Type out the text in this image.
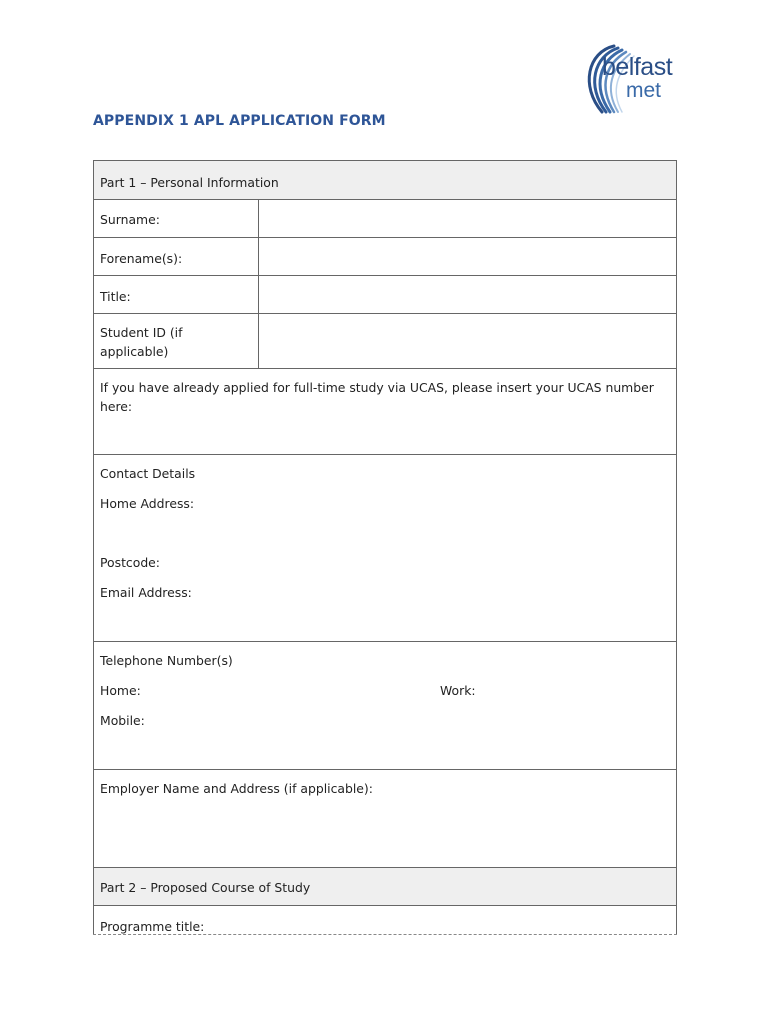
belfast
met
APPENDIX 1 APL APPLICATION FORM
Part 1 – Personal Information	
Surname:	
Forename(s):	
Title:	

Student ID (if
applicable)	

If you have already applied for full-time study via UCAS, please insert your UCAS number
here:	

Contact Details
Home Address:
Postcode:
Email Address:	

Telephone Number(s)
Home: Work:
Mobile:	

Employer Name and Address (if applicable):	

Part 2 – Proposed Course of Study	
Programme title:	
